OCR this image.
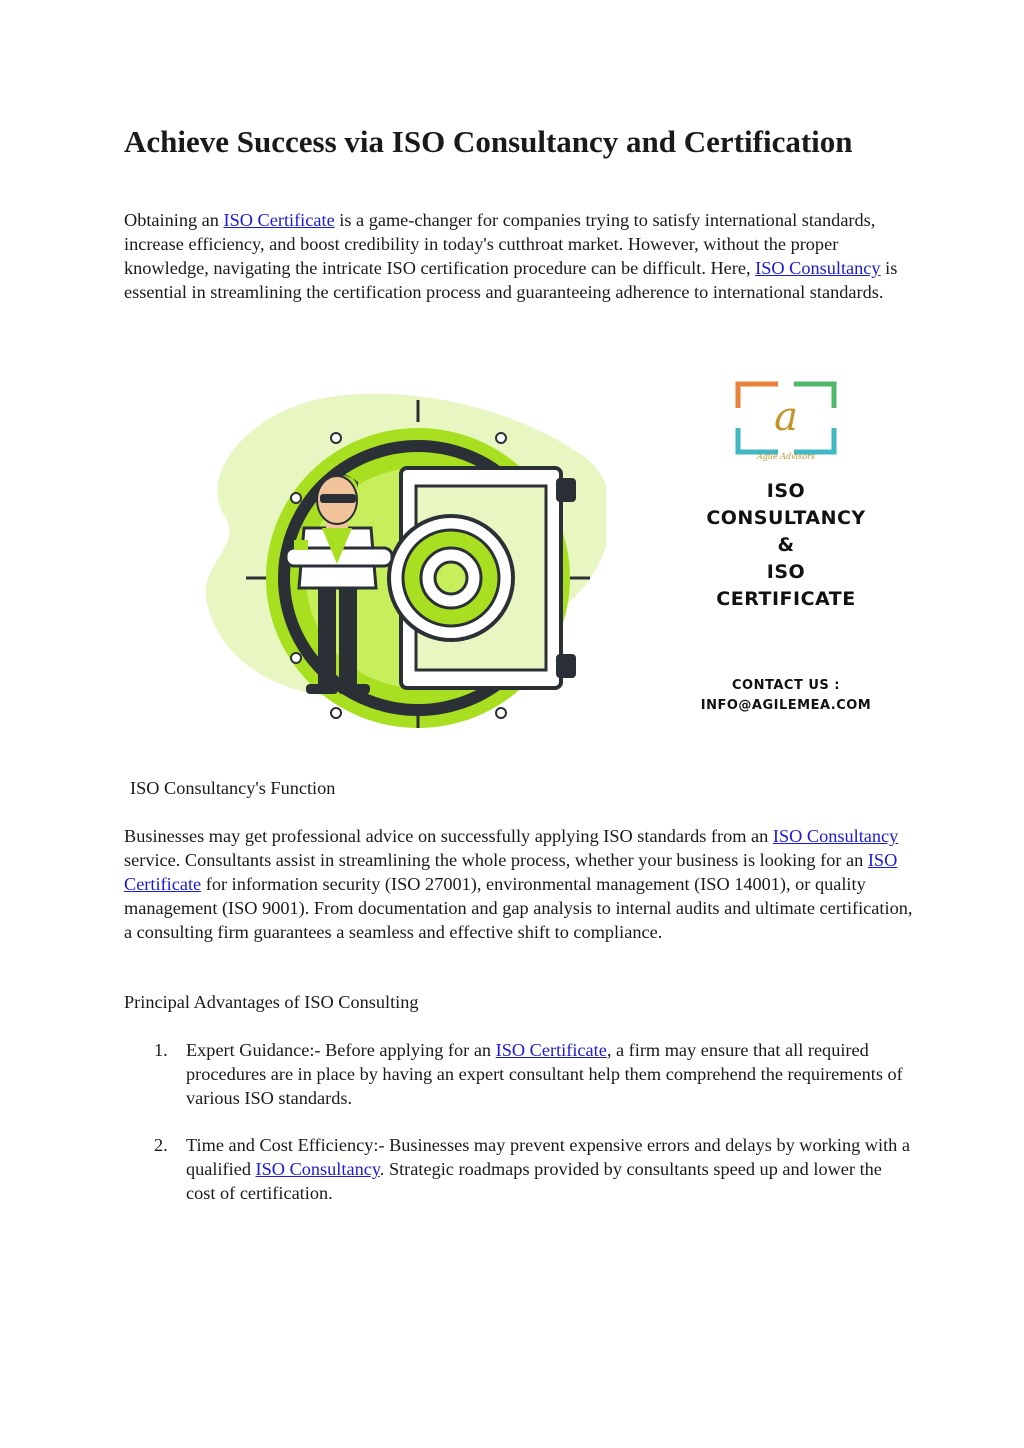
Achieve Success via ISO Consultancy and Certification

Obtaining an ISO Certificate is a game-changer for companies trying to satisfy international standards, increase efficiency, and boost credibility in today's cutthroat market. However, without the proper knowledge, navigating the intricate ISO certification procedure can be difficult. Here, ISO Consultancy is essential in streamlining the certification process and guaranteeing adherence to international standards.

a
Agile Advisors
ISO
CONSULTANCY
&
ISO
CERTIFICATE
CONTACT US :
INFO@AGILEMEA.COM

ISO Consultancy's Function

Businesses may get professional advice on successfully applying ISO standards from an ISO Consultancy service. Consultants assist in streamlining the whole process, whether your business is looking for an ISO Certificate for information security (ISO 27001), environmental management (ISO 14001), or quality management (ISO 9001). From documentation and gap analysis to internal audits and ultimate certification, a consulting firm guarantees a seamless and effective shift to compliance.

Principal Advantages of ISO Consulting

1. Expert Guidance:- Before applying for an ISO Certificate, a firm may ensure that all required procedures are in place by having an expert consultant help them comprehend the requirements of various ISO standards.
2. Time and Cost Efficiency:- Businesses may prevent expensive errors and delays by working with a qualified ISO Consultancy. Strategic roadmaps provided by consultants speed up and lower the cost of certification.
